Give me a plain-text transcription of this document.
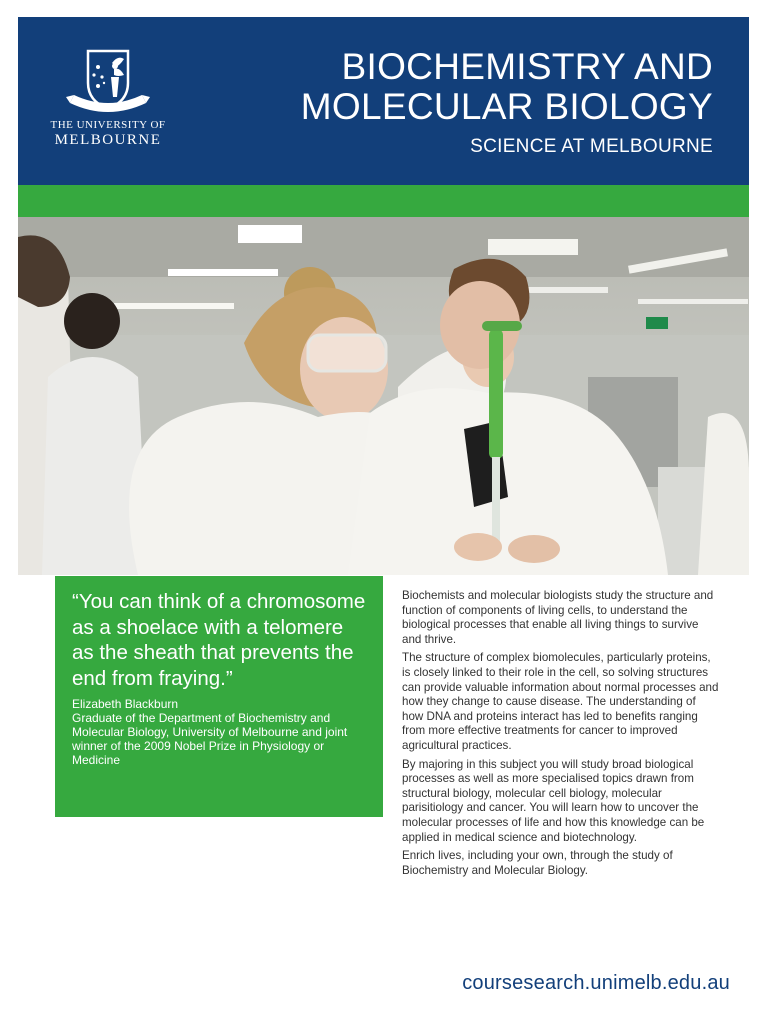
THE UNIVERSITY OF
MELBOURNE
BIOCHEMISTRY AND MOLECULAR BIOLOGY
SCIENCE AT MELBOURNE

“You can think of a chromosome as a shoelace with a telomere as the sheath that prevents the end from fraying.”

Elizabeth Blackburn

Graduate of the Department of Biochemistry and Molecular Biology, University of Melbourne and joint winner of the 2009 Nobel Prize in Physiology or Medicine

Biochemists and molecular biologists study the structure and function of components of living cells, to understand the biological processes that enable all living things to survive and thrive.

The structure of complex biomolecules, particularly proteins, is closely linked to their role in the cell, so solving structures can provide valuable information about normal processes and how they change to cause disease. The understanding of how DNA and proteins interact has led to benefits ranging from more effective treatments for cancer to improved agricultural practices.

By majoring in this subject you will study broad biological processes as well as more specialised topics drawn from structural biology, molecular cell biology, molecular parisitiology and cancer. You will learn how to uncover the molecular processes of life and how this knowledge can be applied in medical science and biotechnology.

Enrich lives, including your own, through the study of Biochemistry and Molecular Biology.

coursesearch.unimelb.edu.au
